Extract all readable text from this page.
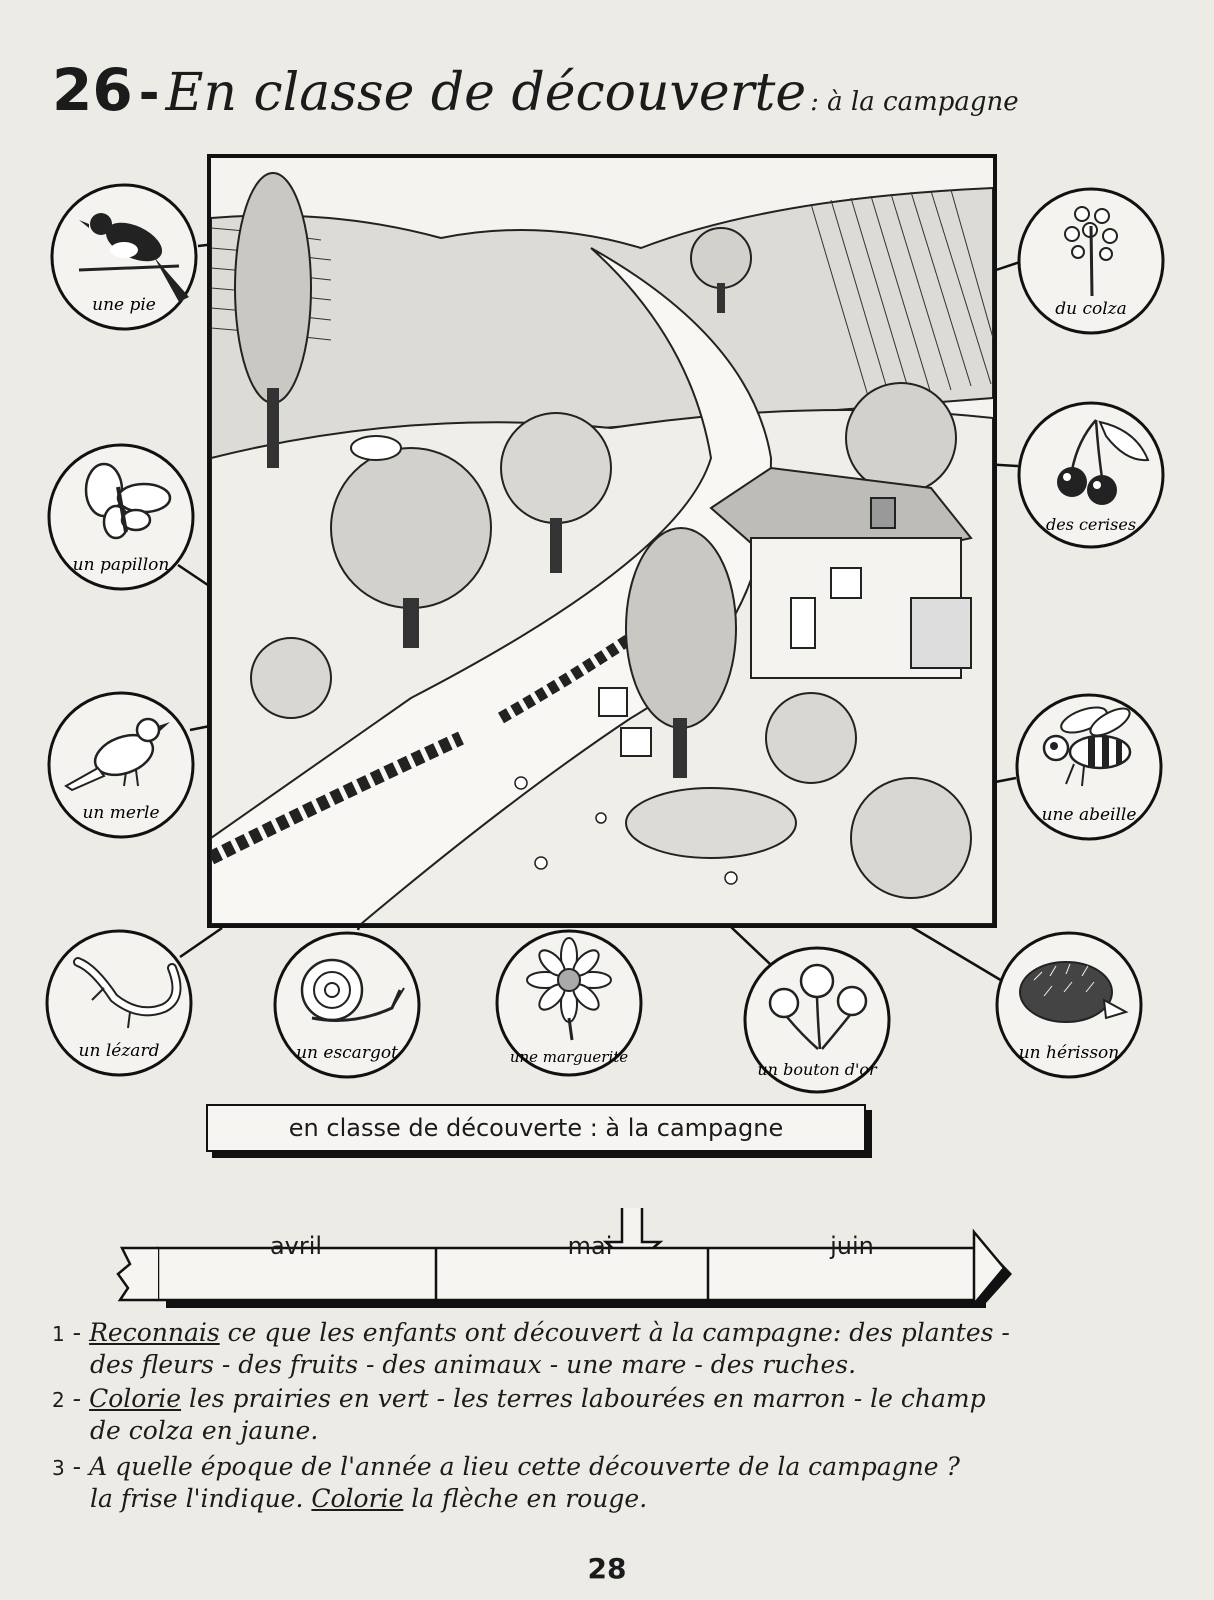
26 - En classe de découverte : à la campagne
une pie
un papillon
un merle
un lézard	un escargot	une marguerite
un bouton d'or
un hérisson
du colza
des cerises
une abeille
en classe de découverte : à la campagne
avril	mai	juin
1 - Reconnais ce que les enfants ont découvert à la campagne: des plantes -
des fleurs - des fruits - des animaux - une mare - des ruches.
2 - Colorie les prairies en vert - les terres labourées en marron - le champ
de colza en jaune.
3 - A quelle époque de l'année a lieu cette découverte de la campagne ?
la frise l'indique. Colorie la flèche en rouge.
28
